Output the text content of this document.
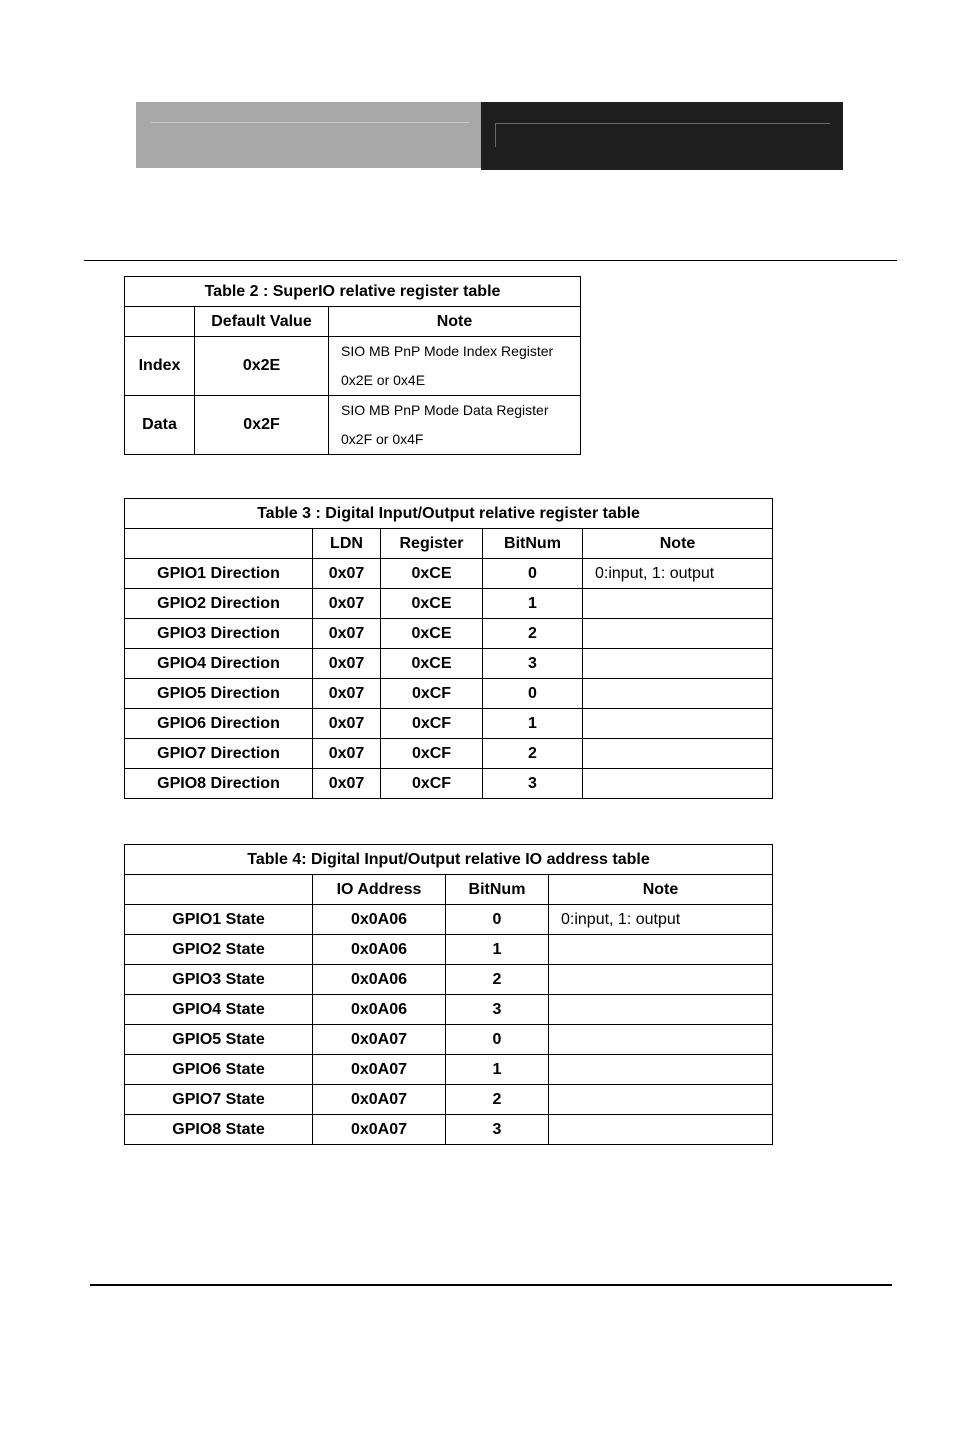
Table 2 : SuperIO relative register table		
	Default Value	Note
Index	0x2E	SIO MB PnP Mode Index Register
0x2E or 0x4E

Data	0x2F	SIO MB PnP Mode Data Register
0x2F or 0x4F
Table 3 : Digital Input/Output relative register table				
	LDN	Register	BitNum	Note
GPIO1 Direction	0x07	0xCE	0	0:input, 1: output
GPIO2 Direction	0x07	0xCE	1	
GPIO3 Direction	0x07	0xCE	2	
GPIO4 Direction	0x07	0xCE	3	
GPIO5 Direction	0x07	0xCF	0	
GPIO6 Direction	0x07	0xCF	1	
GPIO7 Direction	0x07	0xCF	2	
GPIO8 Direction	0x07	0xCF	3	
Table 4: Digital Input/Output relative IO address table			
	IO Address	BitNum	Note
GPIO1 State	0x0A06	0	0:input, 1: output
GPIO2 State	0x0A06	1	
GPIO3 State	0x0A06	2	
GPIO4 State	0x0A06	3	
GPIO5 State	0x0A07	0	
GPIO6 State	0x0A07	1	
GPIO7 State	0x0A07	2	
GPIO8 State	0x0A07	3	
